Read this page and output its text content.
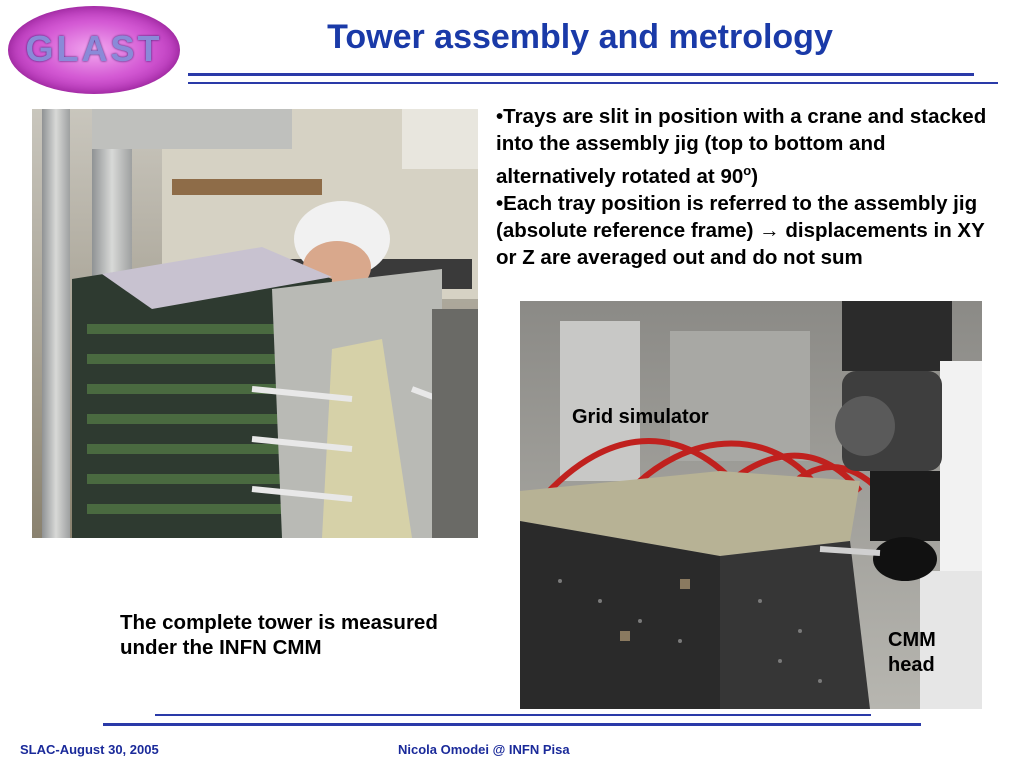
GLAST	Tower assembly and metrology
•Trays are slit in position with a crane and stacked into the assembly jig (top to bottom and alternatively rotated at 90$^o$)
•Each tray position is referred to the assembly jig (absolute reference frame) → displacements in XY or Z are averaged out and do not sum
Grid simulator
CMM head
The complete tower is measured under the INFN CMM
SLAC-August 30, 2005	Nicola Omodei @ INFN Pisa
